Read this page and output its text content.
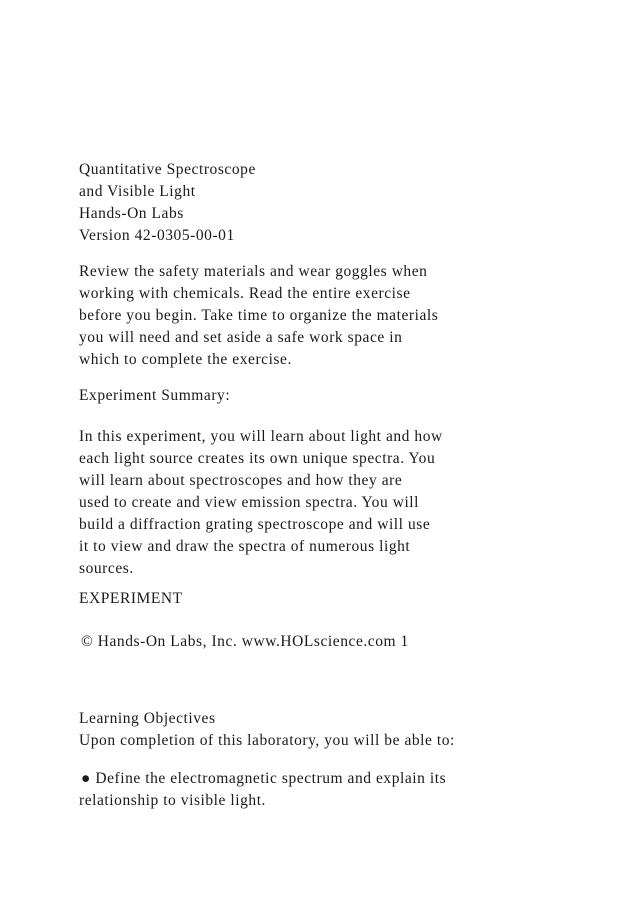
Quantitative Spectroscope
and Visible Light
Hands-On Labs
Version 42-0305-00-01
Review the safety materials and wear goggles when
working with chemicals. Read the entire exercise
before you begin. Take time to organize the materials
you will need and set aside a safe work space in
which to complete the exercise.
Experiment Summary:
In this experiment, you will learn about light and how
each light source creates its own unique spectra. You
will learn about spectroscopes and how they are
used to create and view emission spectra. You will
build a diffraction grating spectroscope and will use
it to view and draw the spectra of numerous light
sources.
EXPERIMENT
© Hands-On Labs, Inc. www.HOLscience.com 1
Learning Objectives
Upon completion of this laboratory, you will be able to:
● Define the electromagnetic spectrum and explain its
relationship to visible light.
